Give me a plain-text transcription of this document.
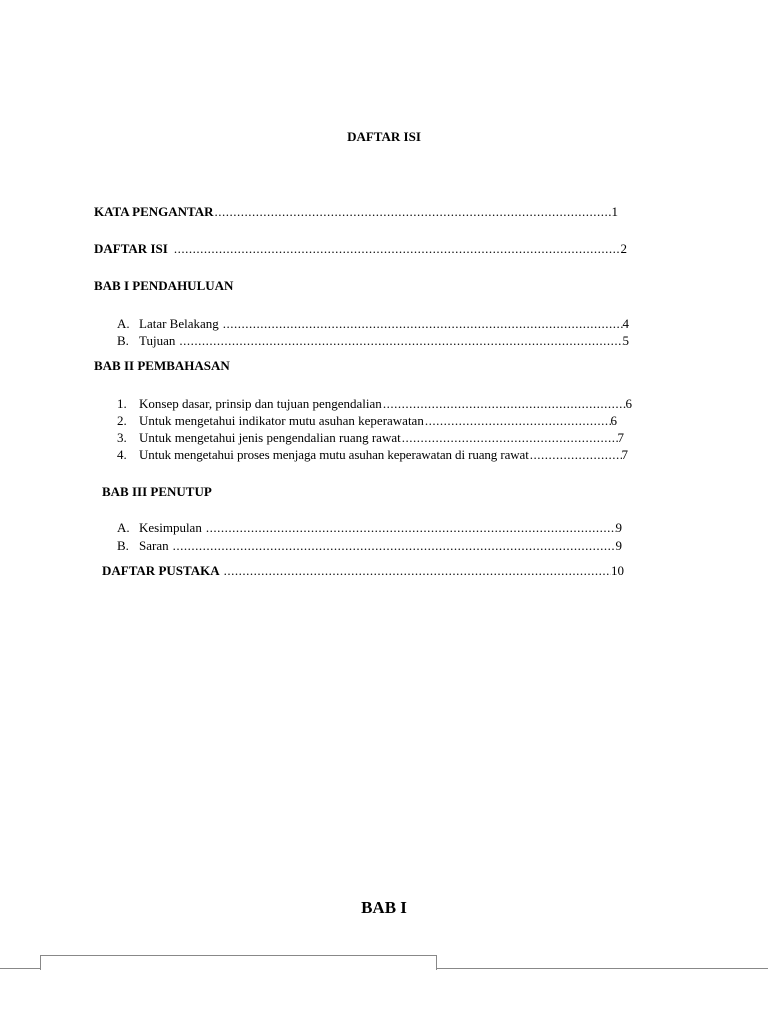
DAFTAR ISI
KATA PENGANTAR .....	1
DAFTAR ISI .....	2
BAB I PENDAHULUAN
A. Latar Belakang .....	4
B. Tujuan .....	5
BAB II PEMBAHASAN
1. Konsep dasar, prinsip dan tujuan pengendalian .....	6
2. Untuk mengetahui indikator mutu asuhan keperawatan .....	6
3. Untuk mengetahui jenis pengendalian ruang rawat .....	7
4. Untuk mengetahui proses menjaga mutu asuhan keperawatan di ruang rawat .....	7
BAB III PENUTUP
A. Kesimpulan .....	9
B. Saran .....	9
DAFTAR PUSTAKA .....	10
BAB I
